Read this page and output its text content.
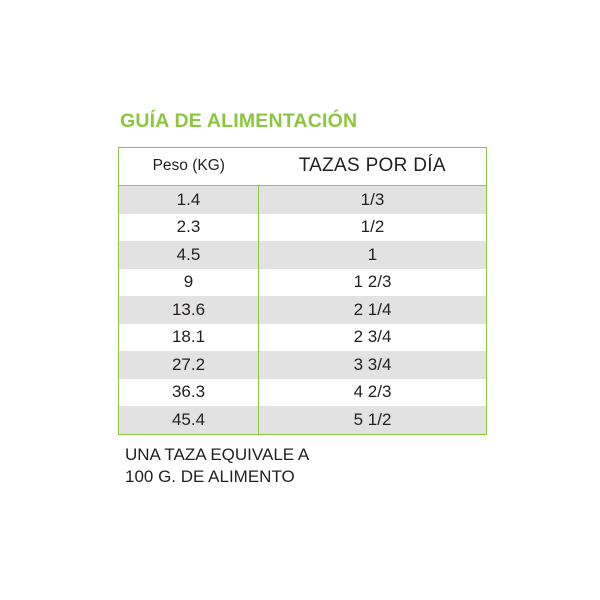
GUÍA DE ALIMENTACIÓN
Peso (KG)	TAZAS POR DÍA
1.4	1/3
2.3	1/2
4.5	1
9	1 2/3
13.6	2 1/4
18.1	2 3/4
27.2	3 3/4
36.3	4 2/3
45.4	5 1/2
UNA TAZA EQUIVALE A
100 G. DE ALIMENTO
